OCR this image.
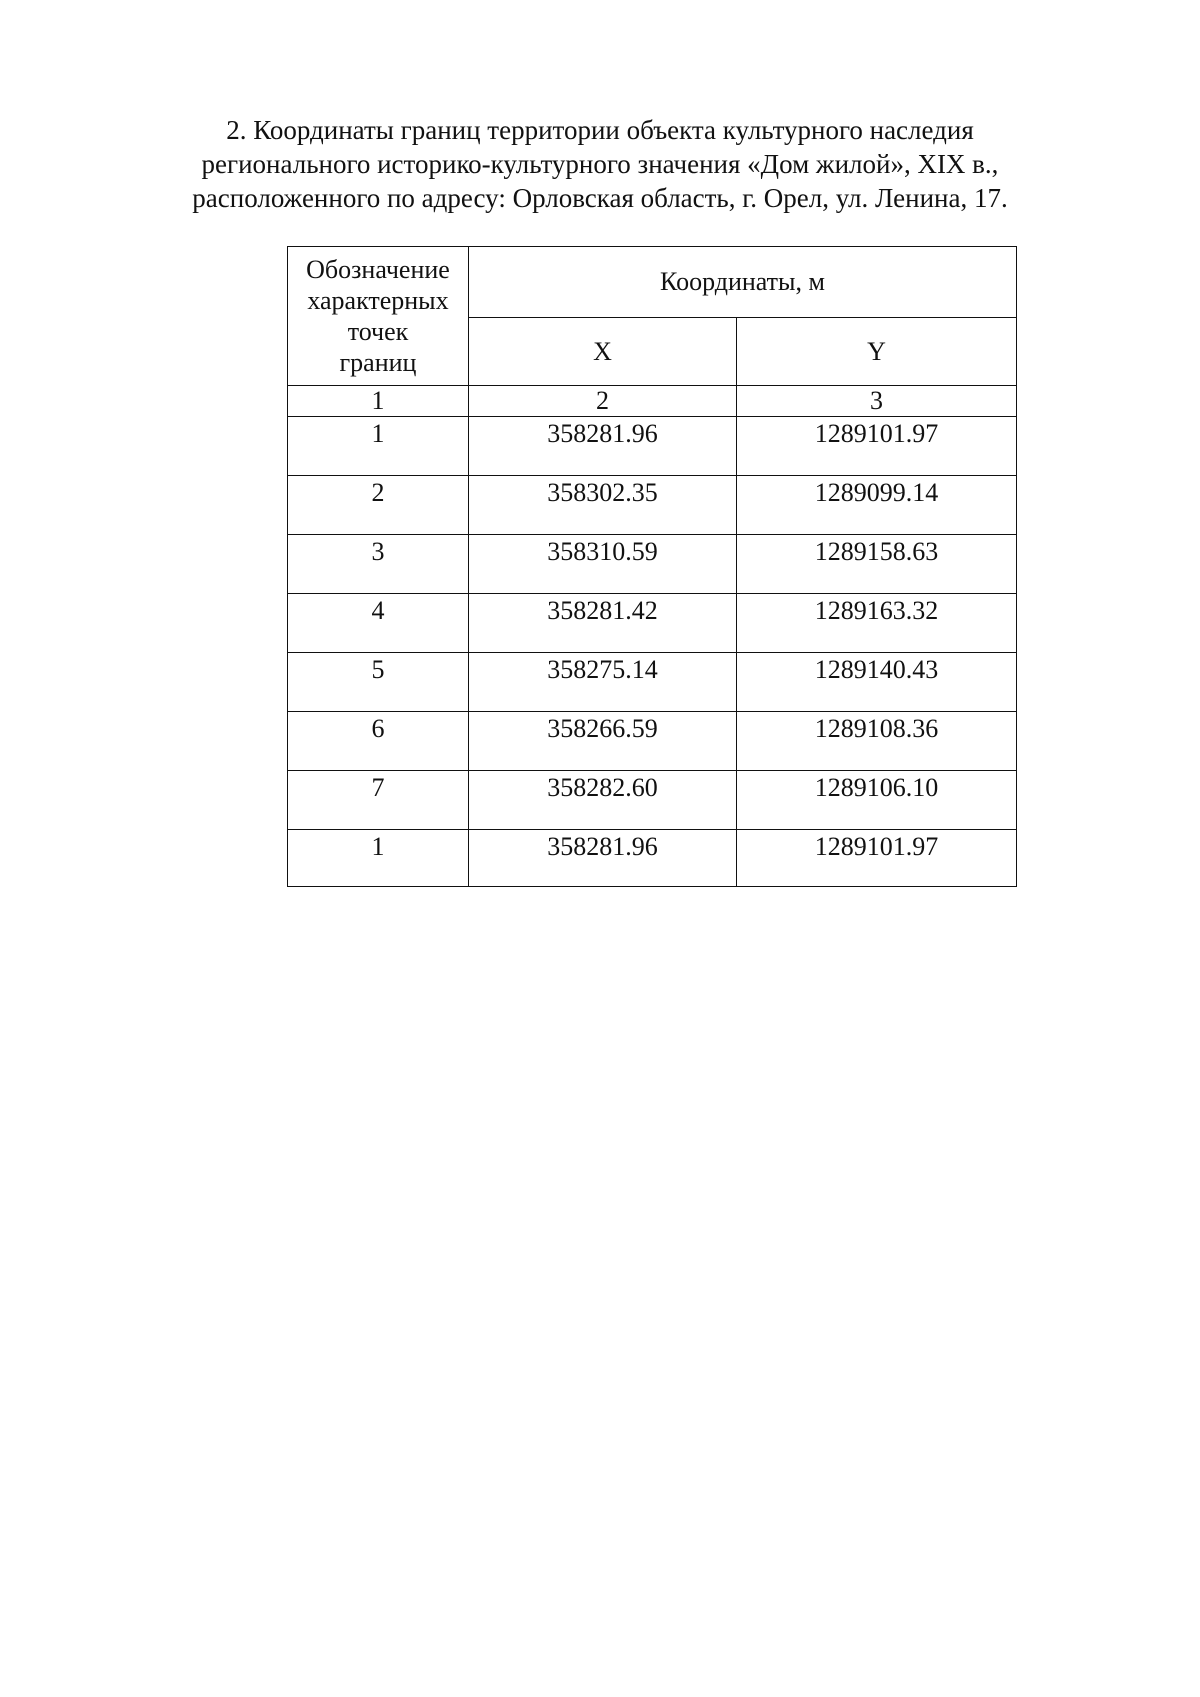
2. Координаты границ территории объекта культурного наследия
регионального историко-культурного значения «Дом жилой», XIX в.,
расположенного по адресу: Орловская область, г. Орел, ул. Ленина, 17.
Обозначение
характерных
точек
границ	Координаты, м	
	X	Y
1	2	3
1	358281.96	1289101.97
2	358302.35	1289099.14
3	358310.59	1289158.63
4	358281.42	1289163.32
5	358275.14	1289140.43
6	358266.59	1289108.36
7	358282.60	1289106.10
1	358281.96	1289101.97
